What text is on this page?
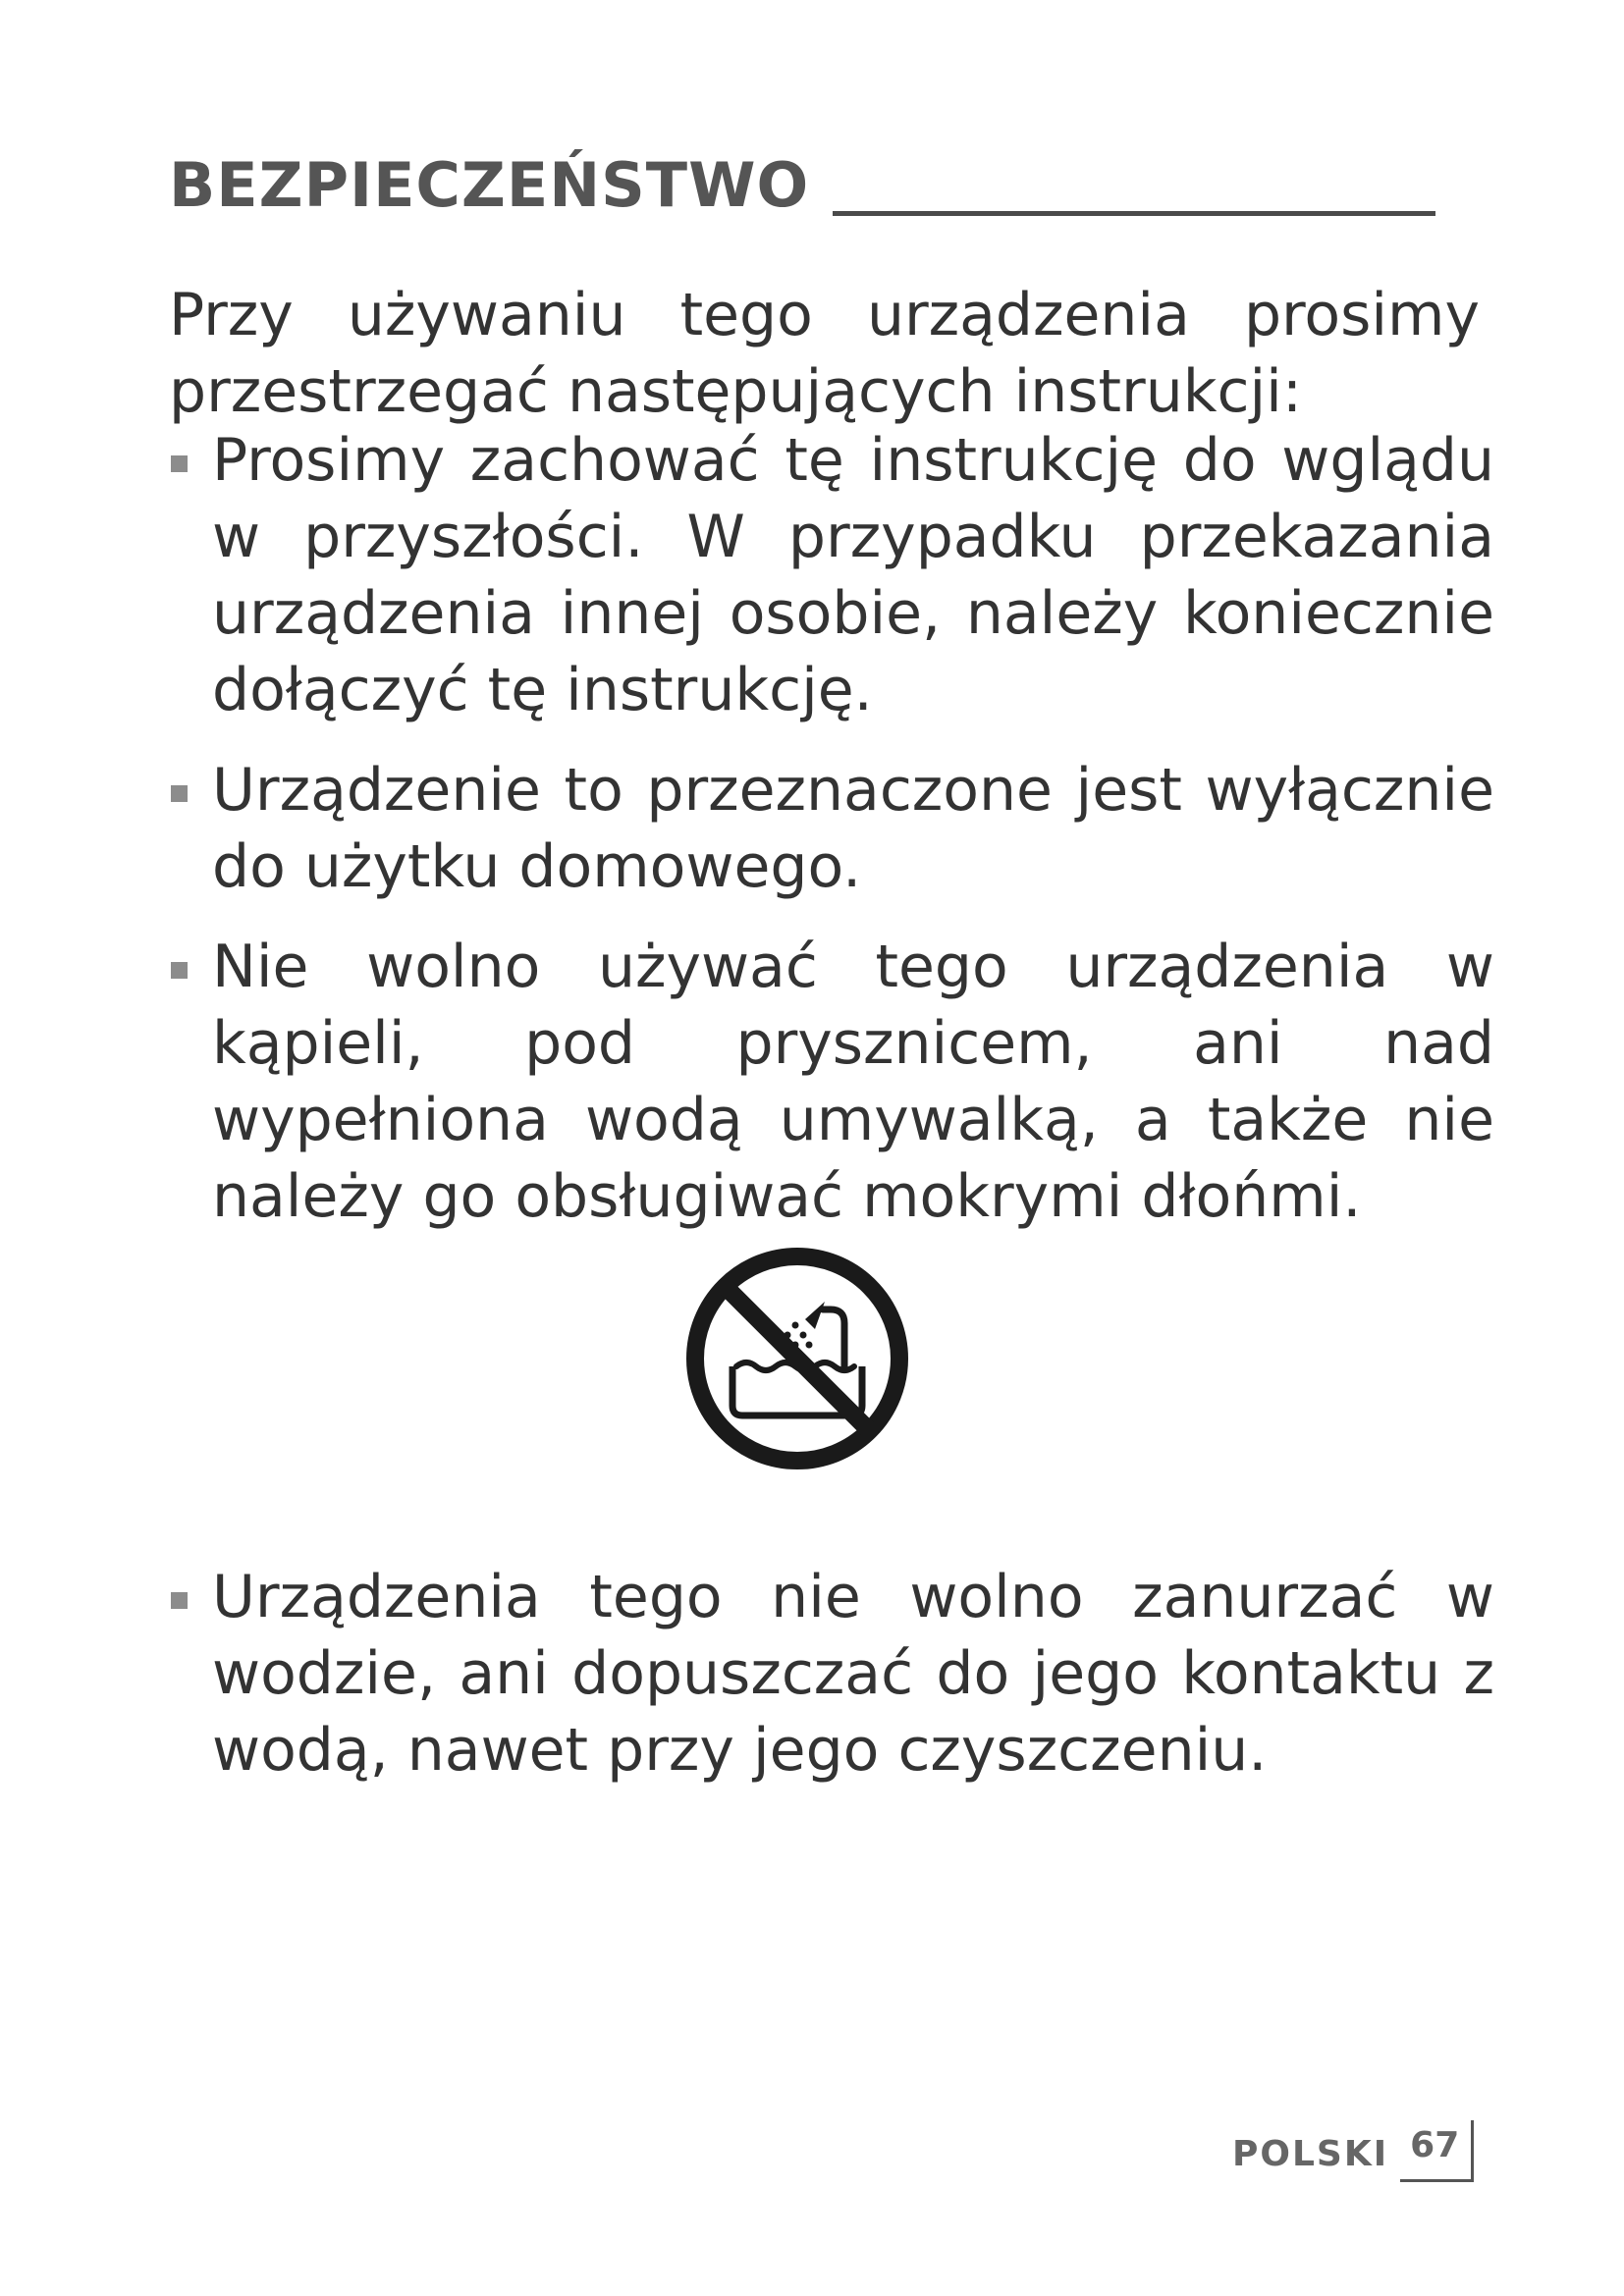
BEZPIECZEŃSTWO

Przy używaniu tego urządzenia prosimy przestrzegać następujących instrukcji:

Prosimy zachować tę instrukcję do wglądu w przyszłości. W przypadku przekazania urządzenia innej osobie, należy koniecznie dołączyć tę instrukcję.
Urządzenie to przeznaczone jest wyłącznie do użytku domowego.
Nie wolno używać tego urządzenia w kąpieli, pod prysznicem, ani nad wypełniona wodą umywalką, a także nie należy go obsługiwać mokrymi dłońmi.
Urządzenia tego nie wolno zanurzać w wodzie, ani dopuszczać do jego kontaktu z wodą, nawet przy jego czyszczeniu.
POLSKI 67
